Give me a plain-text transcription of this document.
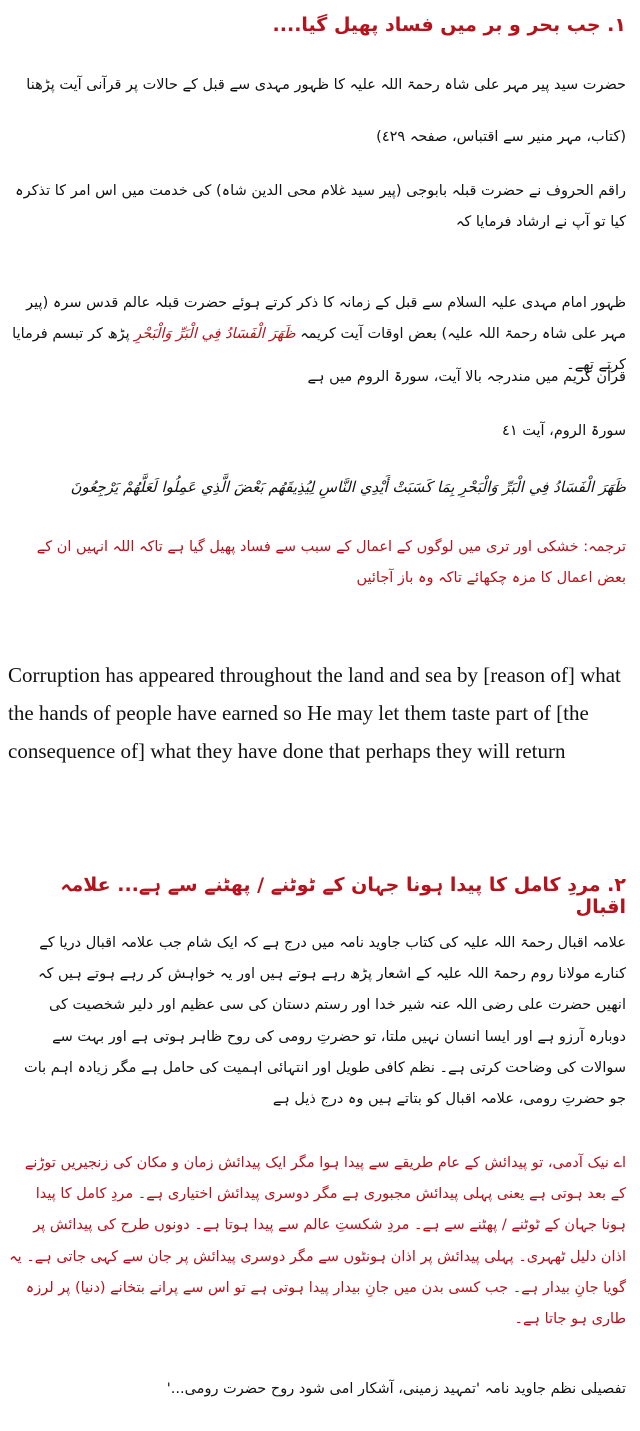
۱. جب بحر و بر میں فساد پھیل گیا....
حضرت سید پیر مہر علی شاہ رحمۃ اللہ علیہ کا ظہور مہدی سے قبل کے حالات پر قرآنی آیت پڑھنا
(کتاب، مہر منیر سے اقتباس، صفحہ ٤٢٩)
راقم الحروف نے حضرت قبلہ بابوجی (پیر سید غلام محی الدین شاہ) کی خدمت میں اس امر کا تذکرہ کیا تو آپ نے ارشاد فرمایا کہ
ظہور امام مہدی علیہ السلام سے قبل کے زمانہ کا ذکر کرتے ہوئے حضرت قبلہ عالم قدس سرہ (پیر مہر علی شاہ رحمۃ اللہ علیہ) بعض اوقات آیت کریمہ ظَهَرَ الْفَسَادُ فِي الْبَرِّ وَالْبَحْرِ پڑھ کر تبسم فرمایا کرتے تھے۔
قرآن کریم میں مندرجہ بالا آیت، سورۃ الروم میں ہے
سورۃ الروم، آیت ٤١
ظَهَرَ الْفَسَادُ فِي الْبَرِّ وَالْبَحْرِ بِمَا كَسَبَتْ أَيْدِي النَّاسِ لِيُذِيقَهُم بَعْضَ الَّذِي عَمِلُوا لَعَلَّهُمْ يَرْجِعُونَ
ترجمہ: خشکی اور تری میں لوگوں کے اعمال کے سبب سے فساد پھیل گیا ہے تاکہ اللہ انہیں ان کے بعض اعمال کا مزہ چکھائے تاکہ وہ باز آجائیں
Corruption has appeared throughout the land and sea by [reason of] what the hands of people have earned so He may let them taste part of [the consequence of] what they have done that perhaps they will return
۲. مردِ کامل کا پیدا ہونا جہان کے ٹوٹنے / پھٹنے سے ہے... علامہ اقبال
علامہ اقبال رحمۃ اللہ علیہ کی کتاب جاوید نامہ میں درج ہے کہ ایک شام جب علامہ اقبال دریا کے کنارے مولانا روم رحمۃ اللہ علیہ کے اشعار پڑھ رہے ہوتے ہیں اور یہ خواہش کر رہے ہوتے ہیں کہ انھیں حضرت علی رضی اللہ عنہ شیر خدا اور رستم دستان کی سی عظیم اور دلیر شخصیت کی دوبارہ آرزو ہے اور ایسا انسان نہیں ملتا، تو حضرتِ رومی کی روح ظاہر ہوتی ہے اور بہت سے سوالات کی وضاحت کرتی ہے۔ نظم کافی طویل اور انتہائی اہمیت کی حامل ہے مگر زیادہ اہم بات جو حضرتِ رومی، علامہ اقبال کو بتاتے ہیں وہ درج ذیل ہے
اے نیک آدمی، تو پیدائش کے عام طریقے سے پیدا ہوا مگر ایک پیدائش زمان و مکان کی زنجیریں توڑنے کے بعد ہوتی ہے یعنی پہلی پیدائش مجبوری ہے مگر دوسری پیدائش اختیاری ہے۔ مردِ کامل کا پیدا ہونا جہان کے ٹوٹنے / پھٹنے سے ہے۔ مردِ شکستِ عالم سے پیدا ہوتا ہے۔ دونوں طرح کی پیدائش پر اذان دلیل ٹھہری۔ پہلی پیدائش پر اذان ہونٹوں سے مگر دوسری پیدائش پر جان سے کہی جاتی ہے۔ یہ گویا جانِ بیدار ہے۔ جب کسی بدن میں جانِ بیدار پیدا ہوتی ہے تو اس سے پرانے بتخانے (دنیا) پر لرزہ طاری ہو جاتا ہے۔
تفصیلی نظم جاوید نامہ 'تمہید زمینی، آشکار امی شود روح حضرت رومی...'
